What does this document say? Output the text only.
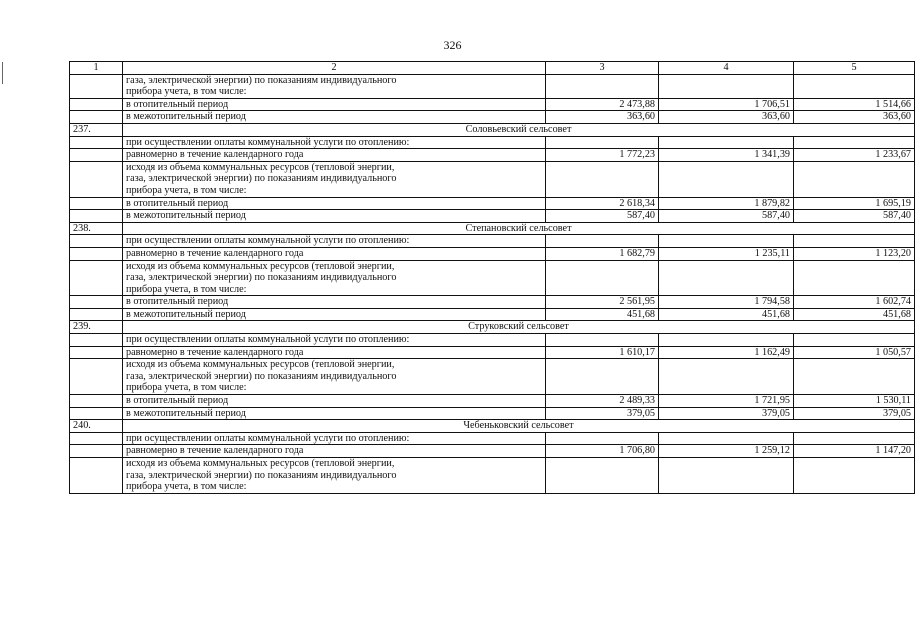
326
1	2	3	4	5

	газа, электрической энергии) по показаниям индивидуального
прибора учета, в том числе:			

	в отопительный период	2 473,88	1 706,51	1 514,66
	в межотопительный период	363,60	363,60	363,60
237.	Соловьевский сельсовет			
	при осуществлении оплаты коммунальной услуги по отоплению:			
	равномерно в течение календарного года	1 772,23	1 341,39	1 233,67

	исходя из объема коммунальных ресурсов (тепловой энергии,
газа, электрической энергии) по показаниям индивидуального
прибора учета, в том числе:			

	в отопительный период	2 618,34	1 879,82	1 695,19
	в межотопительный период	587,40	587,40	587,40
238.	Степановский сельсовет			
	при осуществлении оплаты коммунальной услуги по отоплению:			
	равномерно в течение календарного года	1 682,79	1 235,11	1 123,20

	исходя из объема коммунальных ресурсов (тепловой энергии,
газа, электрической энергии) по показаниям индивидуального
прибора учета, в том числе:			

	в отопительный период	2 561,95	1 794,58	1 602,74
	в межотопительный период	451,68	451,68	451,68
239.	Струковский сельсовет			
	при осуществлении оплаты коммунальной услуги по отоплению:			
	равномерно в течение календарного года	1 610,17	1 162,49	1 050,57

	исходя из объема коммунальных ресурсов (тепловой энергии,
газа, электрической энергии) по показаниям индивидуального
прибора учета, в том числе:			

	в отопительный период	2 489,33	1 721,95	1 530,11
	в межотопительный период	379,05	379,05	379,05
240.	Чебеньковский сельсовет			
	при осуществлении оплаты коммунальной услуги по отоплению:			
	равномерно в течение календарного года	1 706,80	1 259,12	1 147,20

	исходя из объема коммунальных ресурсов (тепловой энергии,
газа, электрической энергии) по показаниям индивидуального
прибора учета, в том числе:			
